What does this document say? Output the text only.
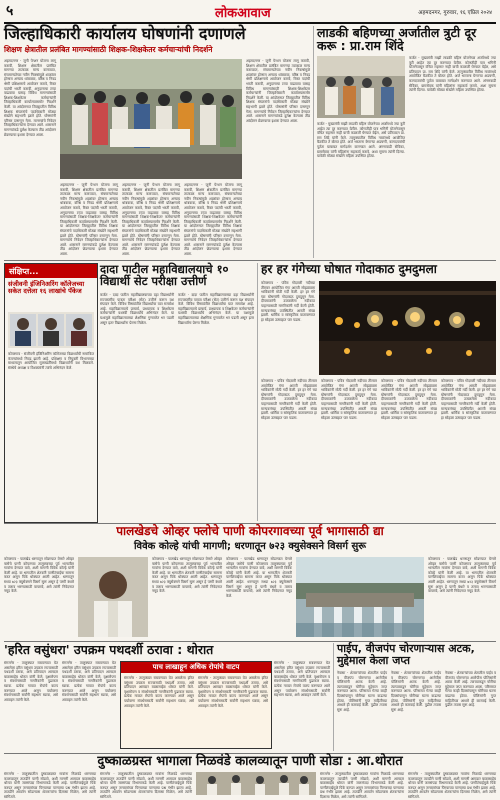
५	लोकआवाज	अहमदनगर, गुरुवार, १६ एप्रिल २०२४
जिल्हाधिकारी कार्यालय घोषणांनी दणाणले
शिक्षण क्षेत्रातील प्रलंबित मागण्यांसाठी शिक्षक-शिक्षकेतर कर्मचाऱ्यांची निदर्शने
अहमदनगर - जुनी पेन्शन योजना लागू करावी, शिक्षण क्षेत्रातील प्रलंबित मागण्या तात्काळ मान्य कराव्यात, संचमान्यतेच्या नवीन निकषांमुळे शाळांवर होणारा अन्याय थांबवावा, वरिष्ठ व निवड श्रेणी प्रशिक्षणाचे आयोजन करावे, रिक्त पदांची भरती करावी, अनुदानाचा टप्पा वाढवावा यासह विविध मागण्यांसाठी शिक्षक-शिक्षकेतर कर्मचाऱ्यांनी जिल्हाधिकारी कार्यालयासमोर निदर्शने केली. या आंदोलनात जिल्ह्यातील विविध शिक्षक संघटनांचे पदाधिकारी मोठ्या संख्येने सहभागी झाले होते. घोषणांनी परिसर दणाणून गेला. मागण्यांचे निवेदन जिल्हाधिकाऱ्यांना देण्यात आले. शासनाने मागण्यांकडे दुर्लक्ष केल्यास तीव्र आंदोलन छेडण्याचा इशारा देण्यात आला.
अहमदनगर - जुनी पेन्शन योजना लागू करावी, शिक्षण क्षेत्रातील प्रलंबित मागण्या तात्काळ मान्य कराव्यात, संचमान्यतेच्या नवीन निकषांमुळे शाळांवर होणारा अन्याय थांबवावा, वरिष्ठ व निवड श्रेणी प्रशिक्षणाचे आयोजन करावे, रिक्त पदांची भरती करावी, अनुदानाचा टप्पा वाढवावा यासह विविध मागण्यांसाठी शिक्षक-शिक्षकेतर कर्मचाऱ्यांनी जिल्हाधिकारी कार्यालयासमोर निदर्शने केली. या आंदोलनात जिल्ह्यातील विविध शिक्षक संघटनांचे पदाधिकारी मोठ्या संख्येने सहभागी झाले होते. घोषणांनी परिसर दणाणून गेला. मागण्यांचे निवेदन जिल्हाधिकाऱ्यांना देण्यात आले. शासनाने मागण्यांकडे दुर्लक्ष केल्यास तीव्र आंदोलन छेडण्याचा इशारा देण्यात आला.
अहमदनगर - जुनी पेन्शन योजना लागू करावी, शिक्षण क्षेत्रातील प्रलंबित मागण्या तात्काळ मान्य कराव्यात, संचमान्यतेच्या नवीन निकषांमुळे शाळांवर होणारा अन्याय थांबवावा, वरिष्ठ व निवड श्रेणी प्रशिक्षणाचे आयोजन करावे, रिक्त पदांची भरती करावी, अनुदानाचा टप्पा वाढवावा यासह विविध मागण्यांसाठी शिक्षक-शिक्षकेतर कर्मचाऱ्यांनी जिल्हाधिकारी कार्यालयासमोर निदर्शने केली. या आंदोलनात जिल्ह्यातील विविध शिक्षक संघटनांचे पदाधिकारी मोठ्या संख्येने सहभागी झाले होते. घोषणांनी परिसर दणाणून गेला. मागण्यांचे निवेदन जिल्हाधिकाऱ्यांना देण्यात आले. शासनाने मागण्यांकडे दुर्लक्ष केल्यास तीव्र आंदोलन छेडण्याचा इशारा देण्यात आला.
अहमदनगर - जुनी पेन्शन योजना लागू करावी, शिक्षण क्षेत्रातील प्रलंबित मागण्या तात्काळ मान्य कराव्यात, संचमान्यतेच्या नवीन निकषांमुळे शाळांवर होणारा अन्याय थांबवावा, वरिष्ठ व निवड श्रेणी प्रशिक्षणाचे आयोजन करावे, रिक्त पदांची भरती करावी, अनुदानाचा टप्पा वाढवावा यासह विविध मागण्यांसाठी शिक्षक-शिक्षकेतर कर्मचाऱ्यांनी जिल्हाधिकारी कार्यालयासमोर निदर्शने केली. या आंदोलनात जिल्ह्यातील विविध शिक्षक संघटनांचे पदाधिकारी मोठ्या संख्येने सहभागी झाले होते. घोषणांनी परिसर दणाणून गेला. मागण्यांचे निवेदन जिल्हाधिकाऱ्यांना देण्यात आले. शासनाने मागण्यांकडे दुर्लक्ष केल्यास तीव्र आंदोलन छेडण्याचा इशारा देण्यात आला.
अहमदनगर - जुनी पेन्शन योजना लागू करावी, शिक्षण क्षेत्रातील प्रलंबित मागण्या तात्काळ मान्य कराव्यात, संचमान्यतेच्या नवीन निकषांमुळे शाळांवर होणारा अन्याय थांबवावा, वरिष्ठ व निवड श्रेणी प्रशिक्षणाचे आयोजन करावे, रिक्त पदांची भरती करावी, अनुदानाचा टप्पा वाढवावा यासह विविध मागण्यांसाठी शिक्षक-शिक्षकेतर कर्मचाऱ्यांनी जिल्हाधिकारी कार्यालयासमोर निदर्शने केली. या आंदोलनात जिल्ह्यातील विविध शिक्षक संघटनांचे पदाधिकारी मोठ्या संख्येने सहभागी झाले होते. घोषणांनी परिसर दणाणून गेला. मागण्यांचे निवेदन जिल्हाधिकाऱ्यांना देण्यात आले. शासनाने मागण्यांकडे दुर्लक्ष केल्यास तीव्र आंदोलन छेडण्याचा इशारा देण्यात आला.
लाडकी बहिणच्या अर्जातील त्रुटी दूर करू : प्रा.राम शिंदे
कर्जत - मुख्यमंत्री माझी लाडकी बहिण योजनेच्या अर्जांमध्ये ज्या त्रुटी आहेत त्या दूर करण्यात येतील. कोणतीही पात्र भगिनी योजनेपासून वंचित राहणार नाही याची काळजी घेण्यात येईल, असे प्रतिपादन प्रा. राम शिंदे यांनी केले. तालुक्यातील विविध गावांमध्ये आयोजित बैठकीत ते बोलत होते. अर्ज भरताना येणाऱ्या अडचणी, कागदपत्रांची पूर्तता याबाबत मार्गदर्शन करण्यात आले. अंगणवाडी सेविका, ग्रामसेवक यांनी महिलांना सहकार्य करावे, अशा सूचना त्यांनी दिल्या. यावेळी मोठ्या संख्येने महिला उपस्थित होत्या.
कर्जत - मुख्यमंत्री माझी लाडकी बहिण योजनेच्या अर्जांमध्ये ज्या त्रुटी आहेत त्या दूर करण्यात येतील. कोणतीही पात्र भगिनी योजनेपासून वंचित राहणार नाही याची काळजी घेण्यात येईल, असे प्रतिपादन प्रा. राम शिंदे यांनी केले. तालुक्यातील विविध गावांमध्ये आयोजित बैठकीत ते बोलत होते. अर्ज भरताना येणाऱ्या अडचणी, कागदपत्रांची पूर्तता याबाबत मार्गदर्शन करण्यात आले. अंगणवाडी सेविका, ग्रामसेवक यांनी महिलांना सहकार्य करावे, अशा सूचना त्यांनी दिल्या. यावेळी मोठ्या संख्येने महिला उपस्थित होत्या.
संक्षिप्त...
संजीवनी इंजिनिअरिंग कॉलेजच्या सकेत दत्तेला १६ लाखांचे पॅकेज
कोपरगाव - संजीवनी इंजिनिअरिंग कॉलेजच्या विद्यार्थ्यांची नामांकित कंपन्यांमध्ये निवड झाली आहे. प्रशिक्षण व नियुक्ती विभागाच्या माध्यमातून आयोजित मुलाखतींमध्ये विद्यार्थ्यांनी यश मिळवले. संस्थेचे अध्यक्ष व विश्वस्तांनी त्यांचे अभिनंदन केले.
दादा पाटील महाविद्यालयाचे १० विद्यार्थी सेट परीक्षा उत्तीर्ण
कर्जत - दादा पाटील महाविद्यालयाच्या दहा विद्यार्थ्यांनी राज्यस्तरीय पात्रता परीक्षा (सेट) उत्तीर्ण करून यश संपादन केले. विविध विषयांतील विद्यार्थ्यांचा यात समावेश आहे. महाविद्यालयाचे प्राचार्य, प्राध्यापक व शिक्षकेतर कर्मचाऱ्यांनी यशस्वी विद्यार्थ्यांचे अभिनंदन केले. या यशामुळे महाविद्यालयाच्या शैक्षणिक गुणवत्तेत भर पडली असून इतर विद्यार्थ्यांना प्रेरणा मिळेल.
कर्जत - दादा पाटील महाविद्यालयाच्या दहा विद्यार्थ्यांनी राज्यस्तरीय पात्रता परीक्षा (सेट) उत्तीर्ण करून यश संपादन केले. विविध विषयांतील विद्यार्थ्यांचा यात समावेश आहे. महाविद्यालयाचे प्राचार्य, प्राध्यापक व शिक्षकेतर कर्मचाऱ्यांनी यशस्वी विद्यार्थ्यांचे अभिनंदन केले. या यशामुळे महाविद्यालयाच्या शैक्षणिक गुणवत्तेत भर पडली असून इतर विद्यार्थ्यांना प्रेरणा मिळेल.
हर हर गंगेच्या घोषात गोदाकाठ दुमदुमला
कोपरगाव - पवित्र गोदावरी नदीच्या तीरावर आयोजित गंगा आरती सोहळ्याला भाविकांनी मोठी गर्दी केली. हर हर गंगे च्या घोषणांनी गोदाकाठ दुमदुमून गेला. दीपमाळांनी उजळलेला नदीकाठ पाहण्यासाठी नागरिकांनी गर्दी केली होती. मान्यवरांच्या उपस्थितीत आरती संपन्न झाली. धार्मिक व सांस्कृतिक वातावरणात हा सोहळा उत्साहात पार पडला.
कोपरगाव - पवित्र गोदावरी नदीच्या तीरावर आयोजित गंगा आरती सोहळ्याला भाविकांनी मोठी गर्दी केली. हर हर गंगे च्या घोषणांनी गोदाकाठ दुमदुमून गेला. दीपमाळांनी उजळलेला नदीकाठ पाहण्यासाठी नागरिकांनी गर्दी केली होती. मान्यवरांच्या उपस्थितीत आरती संपन्न झाली. धार्मिक व सांस्कृतिक वातावरणात हा सोहळा उत्साहात पार पडला.
कोपरगाव - पवित्र गोदावरी नदीच्या तीरावर आयोजित गंगा आरती सोहळ्याला भाविकांनी मोठी गर्दी केली. हर हर गंगे च्या घोषणांनी गोदाकाठ दुमदुमून गेला. दीपमाळांनी उजळलेला नदीकाठ पाहण्यासाठी नागरिकांनी गर्दी केली होती. मान्यवरांच्या उपस्थितीत आरती संपन्न झाली. धार्मिक व सांस्कृतिक वातावरणात हा सोहळा उत्साहात पार पडला.
कोपरगाव - पवित्र गोदावरी नदीच्या तीरावर आयोजित गंगा आरती सोहळ्याला भाविकांनी मोठी गर्दी केली. हर हर गंगे च्या घोषणांनी गोदाकाठ दुमदुमून गेला. दीपमाळांनी उजळलेला नदीकाठ पाहण्यासाठी नागरिकांनी गर्दी केली होती. मान्यवरांच्या उपस्थितीत आरती संपन्न झाली. धार्मिक व सांस्कृतिक वातावरणात हा सोहळा उत्साहात पार पडला.
कोपरगाव - पवित्र गोदावरी नदीच्या तीरावर आयोजित गंगा आरती सोहळ्याला भाविकांनी मोठी गर्दी केली. हर हर गंगे च्या घोषणांनी गोदाकाठ दुमदुमून गेला. दीपमाळांनी उजळलेला नदीकाठ पाहण्यासाठी नागरिकांनी गर्दी केली होती. मान्यवरांच्या उपस्थितीत आरती संपन्न झाली. धार्मिक व सांस्कृतिक वातावरणात हा सोहळा उत्साहात पार पडला.
पालखेडचे ओव्हर फ्लोचे पाणी कोपरगावच्या पूर्व भागासाठी द्या
विवेक कोल्हे यांची मागणी; धरणातून ७२३ क्युसेक्सने विसर्ग सुरू
कोपरगाव - पालखेड धरणातून सोडण्यात येणारे ओव्हर फ्लोचे पाणी कोपरगाव तालुक्याच्या पूर्व भागातील गावांना देण्यात यावे, अशी मागणी विवेक कोल्हे यांनी केली आहे. या भागातील शेतकरी पाणीटंचाईचा सामना करत असून पिके धोक्यात आली आहेत. धरणातून सध्या ७२३ क्युसेक्सने विसर्ग सुरू असून हे पाणी बंधारे व तलाव भरण्यासाठी वापरावे, असे त्यांनी निवेदनात नमूद केले.
कोपरगाव - पालखेड धरणातून सोडण्यात येणारे ओव्हर फ्लोचे पाणी कोपरगाव तालुक्याच्या पूर्व भागातील गावांना देण्यात यावे, अशी मागणी विवेक कोल्हे यांनी केली आहे. या भागातील शेतकरी पाणीटंचाईचा सामना करत असून पिके धोक्यात आली आहेत. धरणातून सध्या ७२३ क्युसेक्सने विसर्ग सुरू असून हे पाणी बंधारे व तलाव भरण्यासाठी वापरावे, असे त्यांनी निवेदनात नमूद केले.
कोपरगाव - पालखेड धरणातून सोडण्यात येणारे ओव्हर फ्लोचे पाणी कोपरगाव तालुक्याच्या पूर्व भागातील गावांना देण्यात यावे, अशी मागणी विवेक कोल्हे यांनी केली आहे. या भागातील शेतकरी पाणीटंचाईचा सामना करत असून पिके धोक्यात आली आहेत. धरणातून सध्या ७२३ क्युसेक्सने विसर्ग सुरू असून हे पाणी बंधारे व तलाव भरण्यासाठी वापरावे, असे त्यांनी निवेदनात नमूद केले.
कोपरगाव - पालखेड धरणातून सोडण्यात येणारे ओव्हर फ्लोचे पाणी कोपरगाव तालुक्याच्या पूर्व भागातील गावांना देण्यात यावे, अशी मागणी विवेक कोल्हे यांनी केली आहे. या भागातील शेतकरी पाणीटंचाईचा सामना करत असून पिके धोक्यात आली आहेत. धरणातून सध्या ७२३ क्युसेक्सने विसर्ग सुरू असून हे पाणी बंधारे व तलाव भरण्यासाठी वापरावे, असे त्यांनी निवेदनात नमूद केले.
'हरित वसुंधरा' उपक्रम पथदर्शी ठरावा : थोरात
संगमनेर - तालुक्यात राबवण्यात येत असलेला हरित वसुंधरा उपक्रम राज्यासाठी पथदर्शी ठरावा, असे प्रतिपादन आमदार बाळासाहेब थोरात यांनी केले. वृक्षारोपण व संवर्धनासाठी नागरिकांनी पुढाकार घ्यावा. प्रत्येक गावात रोपांचे वाटप करण्यात आले असून पर्यावरण संवर्धनासाठी सर्वांनी सहभाग घ्यावा, असे आवाहन त्यांनी केले.
संगमनेर - तालुक्यात राबवण्यात येत असलेला हरित वसुंधरा उपक्रम राज्यासाठी पथदर्शी ठरावा, असे प्रतिपादन आमदार बाळासाहेब थोरात यांनी केले. वृक्षारोपण व संवर्धनासाठी नागरिकांनी पुढाकार घ्यावा. प्रत्येक गावात रोपांचे वाटप करण्यात आले असून पर्यावरण संवर्धनासाठी सर्वांनी सहभाग घ्यावा, असे आवाहन त्यांनी केले.
पाच लाखाहून अधिक रोपांचे वाटप
संगमनेर - तालुक्यात राबवण्यात येत असलेला हरित वसुंधरा उपक्रम राज्यासाठी पथदर्शी ठरावा, असे प्रतिपादन आमदार बाळासाहेब थोरात यांनी केले. वृक्षारोपण व संवर्धनासाठी नागरिकांनी पुढाकार घ्यावा. प्रत्येक गावात रोपांचे वाटप करण्यात आले असून पर्यावरण संवर्धनासाठी सर्वांनी सहभाग घ्यावा, असे आवाहन त्यांनी केले.
संगमनेर - तालुक्यात राबवण्यात येत असलेला हरित वसुंधरा उपक्रम राज्यासाठी पथदर्शी ठरावा, असे प्रतिपादन आमदार बाळासाहेब थोरात यांनी केले. वृक्षारोपण व संवर्धनासाठी नागरिकांनी पुढाकार घ्यावा. प्रत्येक गावात रोपांचे वाटप करण्यात आले असून पर्यावरण संवर्धनासाठी सर्वांनी सहभाग घ्यावा, असे आवाहन त्यांनी केले.
संगमनेर - तालुक्यात राबवण्यात येत असलेला हरित वसुंधरा उपक्रम राज्यासाठी पथदर्शी ठरावा, असे प्रतिपादन आमदार बाळासाहेब थोरात यांनी केले. वृक्षारोपण व संवर्धनासाठी नागरिकांनी पुढाकार घ्यावा. प्रत्येक गावात रोपांचे वाटप करण्यात आले असून पर्यावरण संवर्धनासाठी सर्वांनी सहभाग घ्यावा, असे आवाहन त्यांनी केले.
पाईप, वीजपंप चोरणाऱ्यास अटक, मुद्देमाल केला जप्त
नेवासा - शेतकऱ्यांच्या शेतातील पाईप व वीजपंप चोरणाऱ्या आरोपीस पोलिसांनी अटक केली आहे. त्याच्याकडून चोरीचा मुद्देमाल जप्त करण्यात आला. परिसरात गेल्या काही दिवसांपासून चोरीच्या घटना वाढल्या होत्या. पोलिसांनी गुप्त माहितीच्या आधारे ही कारवाई केली. पुढील तपास सुरू आहे.
नेवासा - शेतकऱ्यांच्या शेतातील पाईप व वीजपंप चोरणाऱ्या आरोपीस पोलिसांनी अटक केली आहे. त्याच्याकडून चोरीचा मुद्देमाल जप्त करण्यात आला. परिसरात गेल्या काही दिवसांपासून चोरीच्या घटना वाढल्या होत्या. पोलिसांनी गुप्त माहितीच्या आधारे ही कारवाई केली. पुढील तपास सुरू आहे.
नेवासा - शेतकऱ्यांच्या शेतातील पाईप व वीजपंप चोरणाऱ्या आरोपीस पोलिसांनी अटक केली आहे. त्याच्याकडून चोरीचा मुद्देमाल जप्त करण्यात आला. परिसरात गेल्या काही दिवसांपासून चोरीच्या घटना वाढल्या होत्या. पोलिसांनी गुप्त माहितीच्या आधारे ही कारवाई केली. पुढील तपास सुरू आहे.
दुष्काळग्रस्त भागाला निळवंडे कालव्यातून पाणी सोडा : आ.थोरात
संगमनेर - तालुक्यातील दुष्काळग्रस्त गावांना निळवंडे धरणाच्या कालव्यातून तातडीने पाणी सोडावे, अशी मागणी आमदार बाळासाहेब थोरात यांनी जलसंपदा विभागाकडे केली आहे. पाणीटंचाईमुळे पिके करपत असून जनावरांच्या पिण्याच्या पाण्याचा प्रश्न गंभीर झाला आहे. तातडीने आवर्तन सोडल्यास शेतकऱ्यांना दिलासा मिळेल, असे त्यांनी सांगितले.
संगमनेर - तालुक्यातील दुष्काळग्रस्त गावांना निळवंडे धरणाच्या कालव्यातून तातडीने पाणी सोडावे, अशी मागणी आमदार बाळासाहेब थोरात यांनी जलसंपदा विभागाकडे केली आहे. पाणीटंचाईमुळे पिके करपत असून जनावरांच्या पिण्याच्या पाण्याचा प्रश्न गंभीर झाला आहे. तातडीने आवर्तन सोडल्यास शेतकऱ्यांना दिलासा मिळेल, असे त्यांनी सांगितले.
संगमनेर - तालुक्यातील दुष्काळग्रस्त गावांना निळवंडे धरणाच्या कालव्यातून तातडीने पाणी सोडावे, अशी मागणी आमदार बाळासाहेब थोरात यांनी जलसंपदा विभागाकडे केली आहे. पाणीटंचाईमुळे पिके करपत असून जनावरांच्या पिण्याच्या पाण्याचा प्रश्न गंभीर झाला आहे. तातडीने आवर्तन सोडल्यास शेतकऱ्यांना दिलासा मिळेल, असे त्यांनी सांगितले.
संगमनेर - तालुक्यातील दुष्काळग्रस्त गावांना निळवंडे धरणाच्या कालव्यातून तातडीने पाणी सोडावे, अशी मागणी आमदार बाळासाहेब थोरात यांनी जलसंपदा विभागाकडे केली आहे. पाणीटंचाईमुळे पिके करपत असून जनावरांच्या पिण्याच्या पाण्याचा प्रश्न गंभीर झाला आहे. तातडीने आवर्तन सोडल्यास शेतकऱ्यांना दिलासा मिळेल, असे त्यांनी सांगितले.
